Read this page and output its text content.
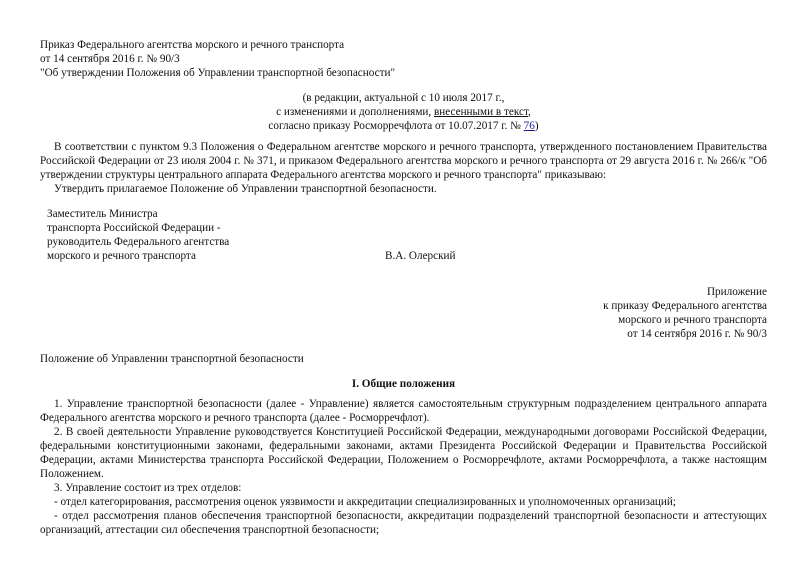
Приказ Федерального агентства морского и речного транспорта
от 14 сентября 2016 г. № 90/3
"Об утверждении Положения об Управлении транспортной безопасности"
(в редакции, актуальной с 10 июля 2017 г.,
с изменениями и дополнениями, внесенными в текст,
согласно приказу Росморречфлота от 10.07.2017 г. № 76)
В соответствии с пунктом 9.3 Положения о Федеральном агентстве морского и речного транспорта, утвержденного постановлением Правительства Российской Федерации от 23 июля 2004 г. № 371, и приказом Федерального агентства морского и речного транспорта от 29 августа 2016 г. № 266/к "Об утверждении структуры центрального аппарата Федерального агентства морского и речного транспорта" приказываю:
Утвердить прилагаемое Положение об Управлении транспортной безопасности.
Заместитель Министра
транспорта Российской Федерации -
руководитель Федерального агентства
морского и речного транспорта	В.А. Олерский
Приложение
к приказу Федерального агентства
морского и речного транспорта
от 14 сентября 2016 г. № 90/3
Положение об Управлении транспортной безопасности
I. Общие положения
1. Управление транспортной безопасности (далее - Управление) является самостоятельным структурным подразделением центрального аппарата Федерального агентства морского и речного транспорта (далее - Росморречфлот).
2. В своей деятельности Управление руководствуется Конституцией Российской Федерации, международными договорами Российской Федерации, федеральными конституционными законами, федеральными законами, актами Президента Российской Федерации и Правительства Российской Федерации, актами Министерства транспорта Российской Федерации, Положением о Росморречфлоте, актами Росморречфлота, а также настоящим Положением.
3. Управление состоит из трех отделов:
- отдел категорирования, рассмотрения оценок уязвимости и аккредитации специализированных и уполномоченных организаций;
- отдел рассмотрения планов обеспечения транспортной безопасности, аккредитации подразделений транспортной безопасности и аттестующих организаций, аттестации сил обеспечения транспортной безопасности;
